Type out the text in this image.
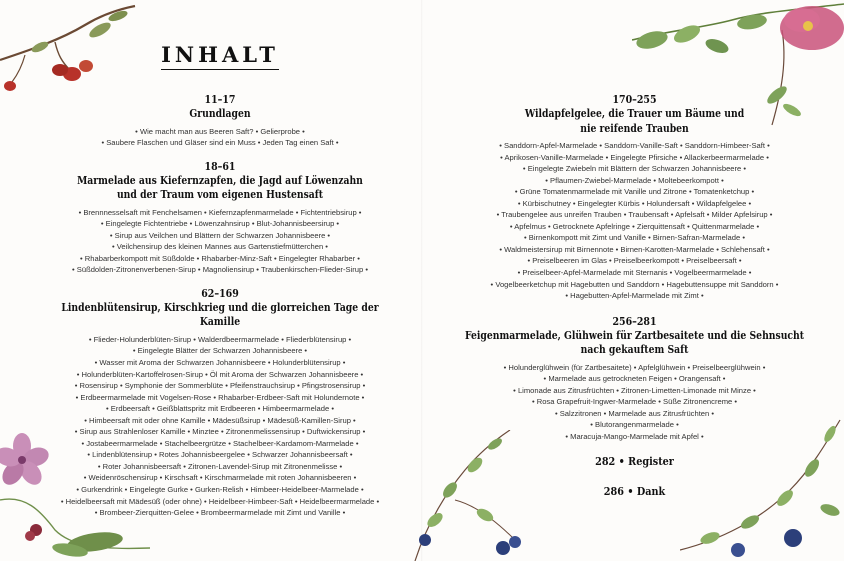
INHALT
11–17
Grundlagen
• Wie macht man aus Beeren Saft? • Gelierprobe •
• Saubere Flaschen und Gläser sind ein Muss • Jeden Tag einen Saft •
18–61
Marmelade aus Kiefernzapfen, die Jagd auf Löwenzahn
und der Traum vom eigenen Hustensaft
• Brennnesselsaft mit Fenchelsamen • Kiefernzapfenmarmelade • Fichtentriebsirup •
• Eingelegte Fichtentriebe • Löwenzahnsirup • Blut-Johannisbeersirup •
• Sirup aus Veilchen und Blättern der Schwarzen Johannisbeere •
• Veilchensirup des kleinen Mannes aus Gartenstiefmütterchen •
• Rhabarberkompott mit Süßdolde • Rhabarber-Minz-Saft • Eingelegter Rhabarber •
• Süßdolden-Zitronenverbenen-Sirup • Magnoliensirup • Traubenkirschen-Flieder-Sirup •
62–169
Lindenblütensirup, Kirschkrieg und die glorreichen Tage der Kamille
• Flieder-Holunderblüten-Sirup • Walderdbeermarmelade • Fliederblütensirup •
• Eingelegte Blätter der Schwarzen Johannisbeere •
• Wasser mit Aroma der Schwarzen Johannisbeere • Holunderblütensirup •
• Holunderblüten-Kartoffelrosen-Sirup • Öl mit Aroma der Schwarzen Johannisbeere •
• Rosensirup • Symphonie der Sommerblüte • Pfeifenstrauchsirup • Pfingstrosensirup •
• Erdbeermarmelade mit Vogelsen-Rose • Rhabarber-Erdbeer-Saft mit Holundernote •
• Erdbeersaft • Geißblattspritz mit Erdbeeren • Himbeermarmelade •
• Himbeersaft mit oder ohne Kamille • Mädesüßsirup • Mädesüß-Kamillen-Sirup •
• Sirup aus Strahlenloser Kamille • Minztee • Zitronenmelissensirup • Duftwickensirup •
• Jostabeermarmelade • Stachelbeergrütze • Stachelbeer-Kardamom-Marmelade •
• Lindenblütensirup • Rotes Johannisbeergelee • Schwarzer Johannisbeersaft •
• Roter Johannisbeersaft • Zitronen-Lavendel-Sirup mit Zitronenmelisse •
• Weidenröschensirup • Kirschsaft • Kirschmarmelade mit roten Johannisbeeren •
• Gurkendrink • Eingelegte Gurke • Gurken-Relish • Himbeer-Heidelbeer-Marmelade •
• Heidelbeersaft mit Mädesüß (oder ohne) • Heidelbeer-Himbeer-Saft • Heidelbeermarmelade •
• Brombeer-Zierquitten-Gelee • Brombeermarmelade mit Zimt und Vanille •
170–255
Wildapfelgelee, die Trauer um Bäume und
nie reifende Trauben
• Sanddorn-Apfel-Marmelade • Sanddorn-Vanille-Saft • Sanddorn-Himbeer-Saft •
• Aprikosen-Vanille-Marmelade • Eingelegte Pfirsiche • Allackerbeermarmelade •
• Eingelegte Zwiebeln mit Blättern der Schwarzen Johannisbeere •
• Pflaumen-Zwiebel-Marmelade • Moltebeerkompott •
• Grüne Tomatenmarmelade mit Vanille und Zitrone • Tomatenketchup •
• Kürbischutney • Eingelegter Kürbis • Holundersaft • Wildapfelgelee •
• Traubengelee aus unreifen Trauben • Traubensaft • Apfelsaft • Milder Apfelsirup •
• Apfelmus • Getrocknete Apfelringe • Zierquittensaft • Quittenmarmelade •
• Birnenkompott mit Zimt und Vanille • Birnen-Safran-Marmelade •
• Waldmeistersirup mit Birnennote • Birnen-Karotten-Marmelade • Schlehensaft •
• Preiselbeeren im Glas • Preiselbeerkompott • Preiselbeersaft •
• Preiselbeer-Apfel-Marmelade mit Sternanis • Vogelbeermarmelade •
• Vogelbeerketchup mit Hagebutten und Sanddorn • Hagebuttensuppe mit Sanddorn •
• Hagebutten-Apfel-Marmelade mit Zimt •
256–281
Feigenmarmelade, Glühwein für Zartbesaitete und die Sehnsucht
nach gekauftem Saft
• Holunderglühwein (für Zartbesaitete) • Apfelglühwein • Preiselbeerglühwein •
• Marmelade aus getrockneten Feigen • Orangensaft •
• Limonade aus Zitrusfrüchten • Zitronen-Limetten-Limonade mit Minze •
• Rosa Grapefruit-Ingwer-Marmelade • Süße Zitronencreme •
• Salzzitronen • Marmelade aus Zitrusfrüchten •
• Blutorangenmarmelade •
• Maracuja-Mango-Marmelade mit Apfel •
282 • Register
286 • Dank
